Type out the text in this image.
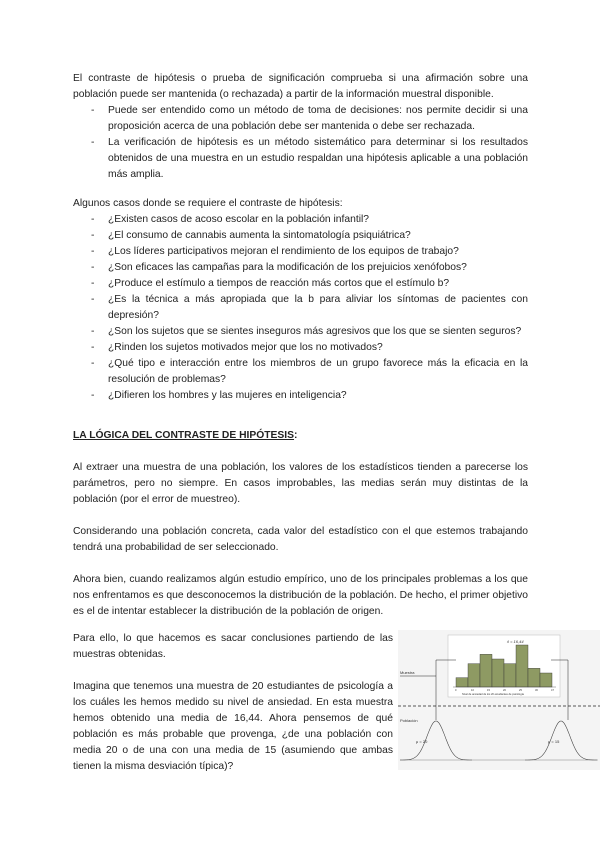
El contraste de hipótesis o prueba de significación comprueba si una afirmación sobre una población puede ser mantenida (o rechazada) a partir de la información muestral disponible.

- Puede ser entendido como un método de toma de decisiones: nos permite decidir si una proposición acerca de una población debe ser mantenida o debe ser rechazada.
- La verificación de hipótesis es un método sistemático para determinar si los resultados obtenidos de una muestra en un estudio respaldan una hipótesis aplicable a una población más amplia.

Algunos casos donde se requiere el contraste de hipótesis:

- ¿Existen casos de acoso escolar en la población infantil?
- ¿El consumo de cannabis aumenta la sintomatología psiquiátrica?
- ¿Los líderes participativos mejoran el rendimiento de los equipos de trabajo?
- ¿Son eficaces las campañas para la modificación de los prejuicios xenófobos?
- ¿Produce el estímulo a tiempos de reacción más cortos que el estímulo b?
- ¿Es la técnica a más apropiada que la b para aliviar los síntomas de pacientes con depresión?
- ¿Son los sujetos que se sientes inseguros más agresivos que los que se sienten seguros?
- ¿Rinden los sujetos motivados mejor que los no motivados?
- ¿Qué tipo e interacción entre los miembros de un grupo favorece más la eficacia en la resolución de problemas?
- ¿Difieren los hombres y las mujeres en inteligencia?
LA LÓGICA DEL CONTRASTE DE HIPÓTESIS:

Al extraer una muestra de una población, los valores de los estadísticos tienden a parecerse los parámetros, pero no siempre. En casos improbables, las medias serán muy distintas de la población (por el error de muestreo).

Considerando una población concreta, cada valor del estadístico con el que estemos trabajando tendrá una probabilidad de ser seleccionado.

Ahora bien, cuando realizamos algún estudio empírico, uno de los principales problemas a los que nos enfrentamos es que desconocemos la distribución de la población. De hecho, el primer objetivo es el de intentar establecer la distribución de la población de origen.

Para ello, lo que hacemos es sacar conclusiones partiendo de las muestras obtenidas.

Imagina que tenemos una muestra de 20 estudiantes de psicología a los cuáles les hemos medido su nivel de ansiedad. En esta muestra hemos obtenido una media de 16,44. Ahora pensemos de qué población es más probable que provenga, ¿de una población con media 20 o de una con una media de 15 (asumiendo que ambas tienen la misma desviación típica)?

x̄ = 16,44
0	10	15	20	25	30	47
Nivel de ansiedad de los 20 estudiantes de psicología
Muestra
Población
μ = 20	μ = 15
